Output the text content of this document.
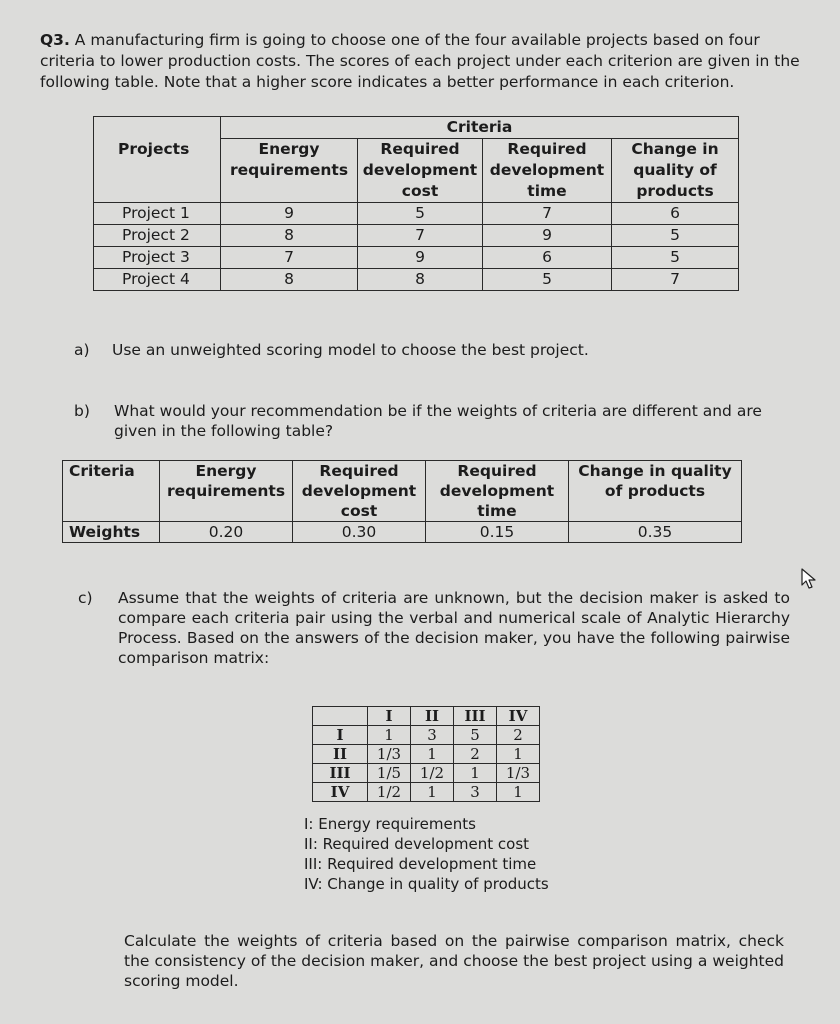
Q3. A manufacturing firm is going to choose one of the four available projects based on four criteria to lower production costs. The scores of each project under each criterion are given in the following table. Note that a higher score indicates a better performance in each criterion.
	Criteria			
Projects	Energy requirements	Required development cost	Required development time	Change in quality of products
Project 1	9	5	7	6
Project 2	8	7	9	5
Project 3	7	9	6	5
Project 4	8	8	5	7
a) Use an unweighted scoring model to choose the best project.
b)	What would your recommendation be if the weights of criteria are different and are given in the following table?
Criteria	Energy requirements	Required development cost	Required development time	Change in quality of products
Weights	0.20	0.30	0.15	0.35
c)	Assume that the weights of criteria are unknown, but the decision maker is asked to compare each criteria pair using the verbal and numerical scale of Analytic Hierarchy Process. Based on the answers of the decision maker, you have the following pairwise comparison matrix:
	I	II	III	IV
I	1	3	5	2
II	1/3	1	2	1
III	1/5	1/2	1	1/3
IV	1/2	1	3	1
I: Energy requirements
II: Required development cost
III: Required development time
IV: Change in quality of products
Calculate the weights of criteria based on the pairwise comparison matrix, check the consistency of the decision maker, and choose the best project using a weighted scoring model.
